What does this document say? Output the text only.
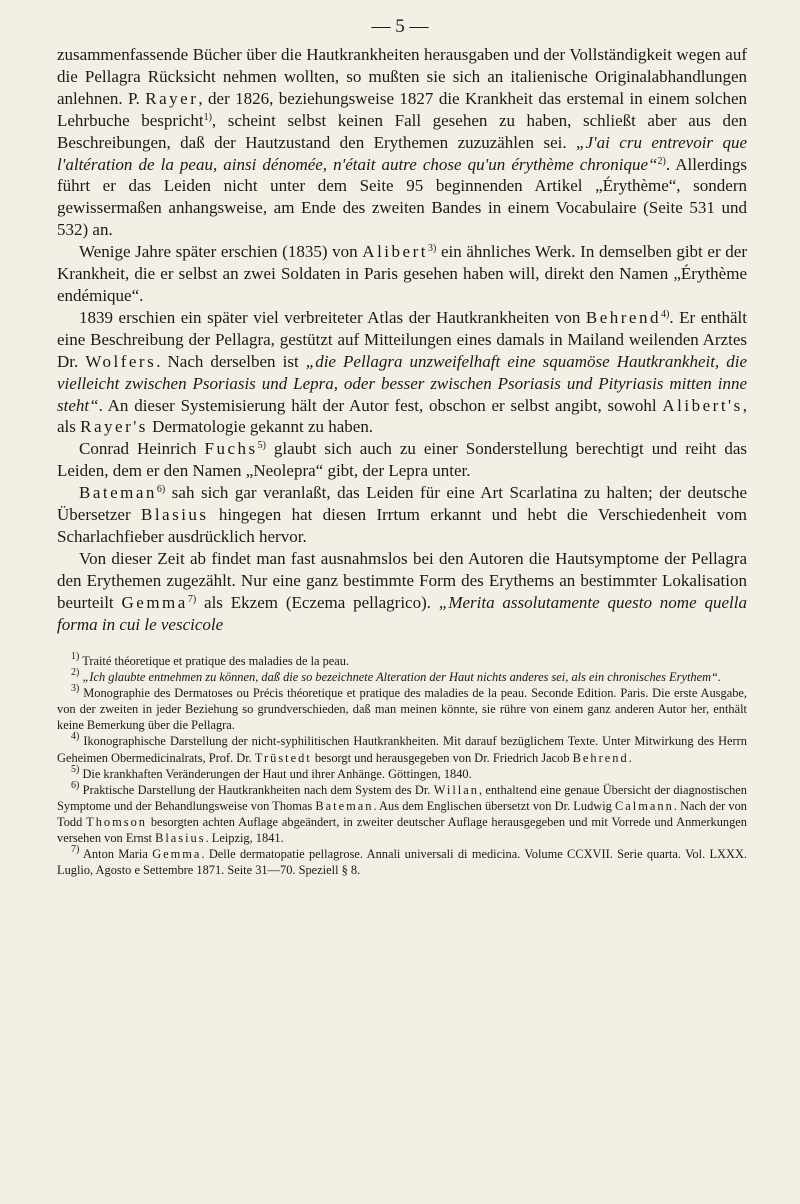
— 5 —

zusammenfassende Bücher über die Hautkrankheiten herausgaben und der Vollständigkeit wegen auf die Pellagra Rücksicht nehmen wollten, so mußten sie sich an italienische Originalabhandlungen anlehnen. P. Rayer, der 1826, beziehungsweise 1827 die Krankheit das erstemal in einem solchen Lehrbuche bespricht$^{1)}$, scheint selbst keinen Fall gesehen zu haben, schließt aber aus den Beschreibungen, daß der Hautzustand den Erythemen zuzuzählen sei. „J'ai cru entrevoir que l'altération de la peau, ainsi dénomée, n'était autre chose qu'un érythème chronique“$^{2)}$. Allerdings führt er das Leiden nicht unter dem Seite 95 beginnenden Artikel „Érythème“, sondern gewissermaßen anhangsweise, am Ende des zweiten Bandes in einem Vocabulaire (Seite 531 und 532) an.

Wenige Jahre später erschien (1835) von Alibert$^{3)}$ ein ähnliches Werk. In demselben gibt er der Krankheit, die er selbst an zwei Soldaten in Paris gesehen haben will, direkt den Namen „Érythème endémique“.

1839 erschien ein später viel verbreiteter Atlas der Hautkrankheiten von Behrend$^{4)}$. Er enthält eine Beschreibung der Pellagra, gestützt auf Mitteilungen eines damals in Mailand weilenden Arztes Dr. Wolfers. Nach derselben ist „die Pellagra unzweifelhaft eine squamöse Hautkrankheit, die vielleicht zwischen Psoriasis und Lepra, oder besser zwischen Psoriasis und Pityriasis mitten inne steht“. An dieser Systemisierung hält der Autor fest, obschon er selbst angibt, sowohl Alibert's, als Rayer's Dermatologie gekannt zu haben.

Conrad Heinrich Fuchs$^{5)}$ glaubt sich auch zu einer Sonderstellung berechtigt und reiht das Leiden, dem er den Namen „Neolepra“ gibt, der Lepra unter.

Bateman$^{6)}$ sah sich gar veranlaßt, das Leiden für eine Art Scarlatina zu halten; der deutsche Übersetzer Blasius hingegen hat diesen Irrtum erkannt und hebt die Verschiedenheit vom Scharlachfieber ausdrücklich hervor.

Von dieser Zeit ab findet man fast ausnahmslos bei den Autoren die Hautsymptome der Pellagra den Erythemen zugezählt. Nur eine ganz bestimmte Form des Erythems an bestimmter Lokalisation beurteilt Gemma$^{7)}$ als Ekzem (Eczema pellagrico). „Merita assolutamente questo nome quella forma in cui le vescicole

$^{1)}$ Traité théoretique et pratique des maladies de la peau.

$^{2)}$ „Ich glaubte entnehmen zu können, daß die so bezeichnete Alteration der Haut nichts anderes sei, als ein chronisches Erythem“.

$^{3)}$ Monographie des Dermatoses ou Précis théoretique et pratique des maladies de la peau. Seconde Edition. Paris. Die erste Ausgabe, von der zweiten in jeder Beziehung so grundverschieden, daß man meinen könnte, sie rühre von einem ganz anderen Autor her, enthält keine Bemerkung über die Pellagra.

$^{4)}$ Ikonographische Darstellung der nicht-syphilitischen Hautkrankheiten. Mit darauf bezüglichem Texte. Unter Mitwirkung des Herrn Geheimen Obermedicinalrats, Prof. Dr. Trüstedt besorgt und herausgegeben von Dr. Friedrich Jacob Behrend.

$^{5)}$ Die krankhaften Veränderungen der Haut und ihrer Anhänge. Göttingen, 1840.

$^{6)}$ Praktische Darstellung der Hautkrankheiten nach dem System des Dr. Willan, enthaltend eine genaue Übersicht der diagnostischen Symptome und der Behandlungsweise von Thomas Bateman. Aus dem Englischen übersetzt von Dr. Ludwig Calmann. Nach der von Todd Thomson besorgten achten Auflage abgeändert, in zweiter deutscher Auflage herausgegeben und mit Vorrede und Anmerkungen versehen von Ernst Blasius. Leipzig, 1841.

$^{7)}$ Anton Maria Gemma. Delle dermatopatie pellagrose. Annali universali di medicina. Volume CCXVII. Serie quarta. Vol. LXXX. Luglio, Agosto e Settembre 1871. Seite 31—70. Speziell § 8.
